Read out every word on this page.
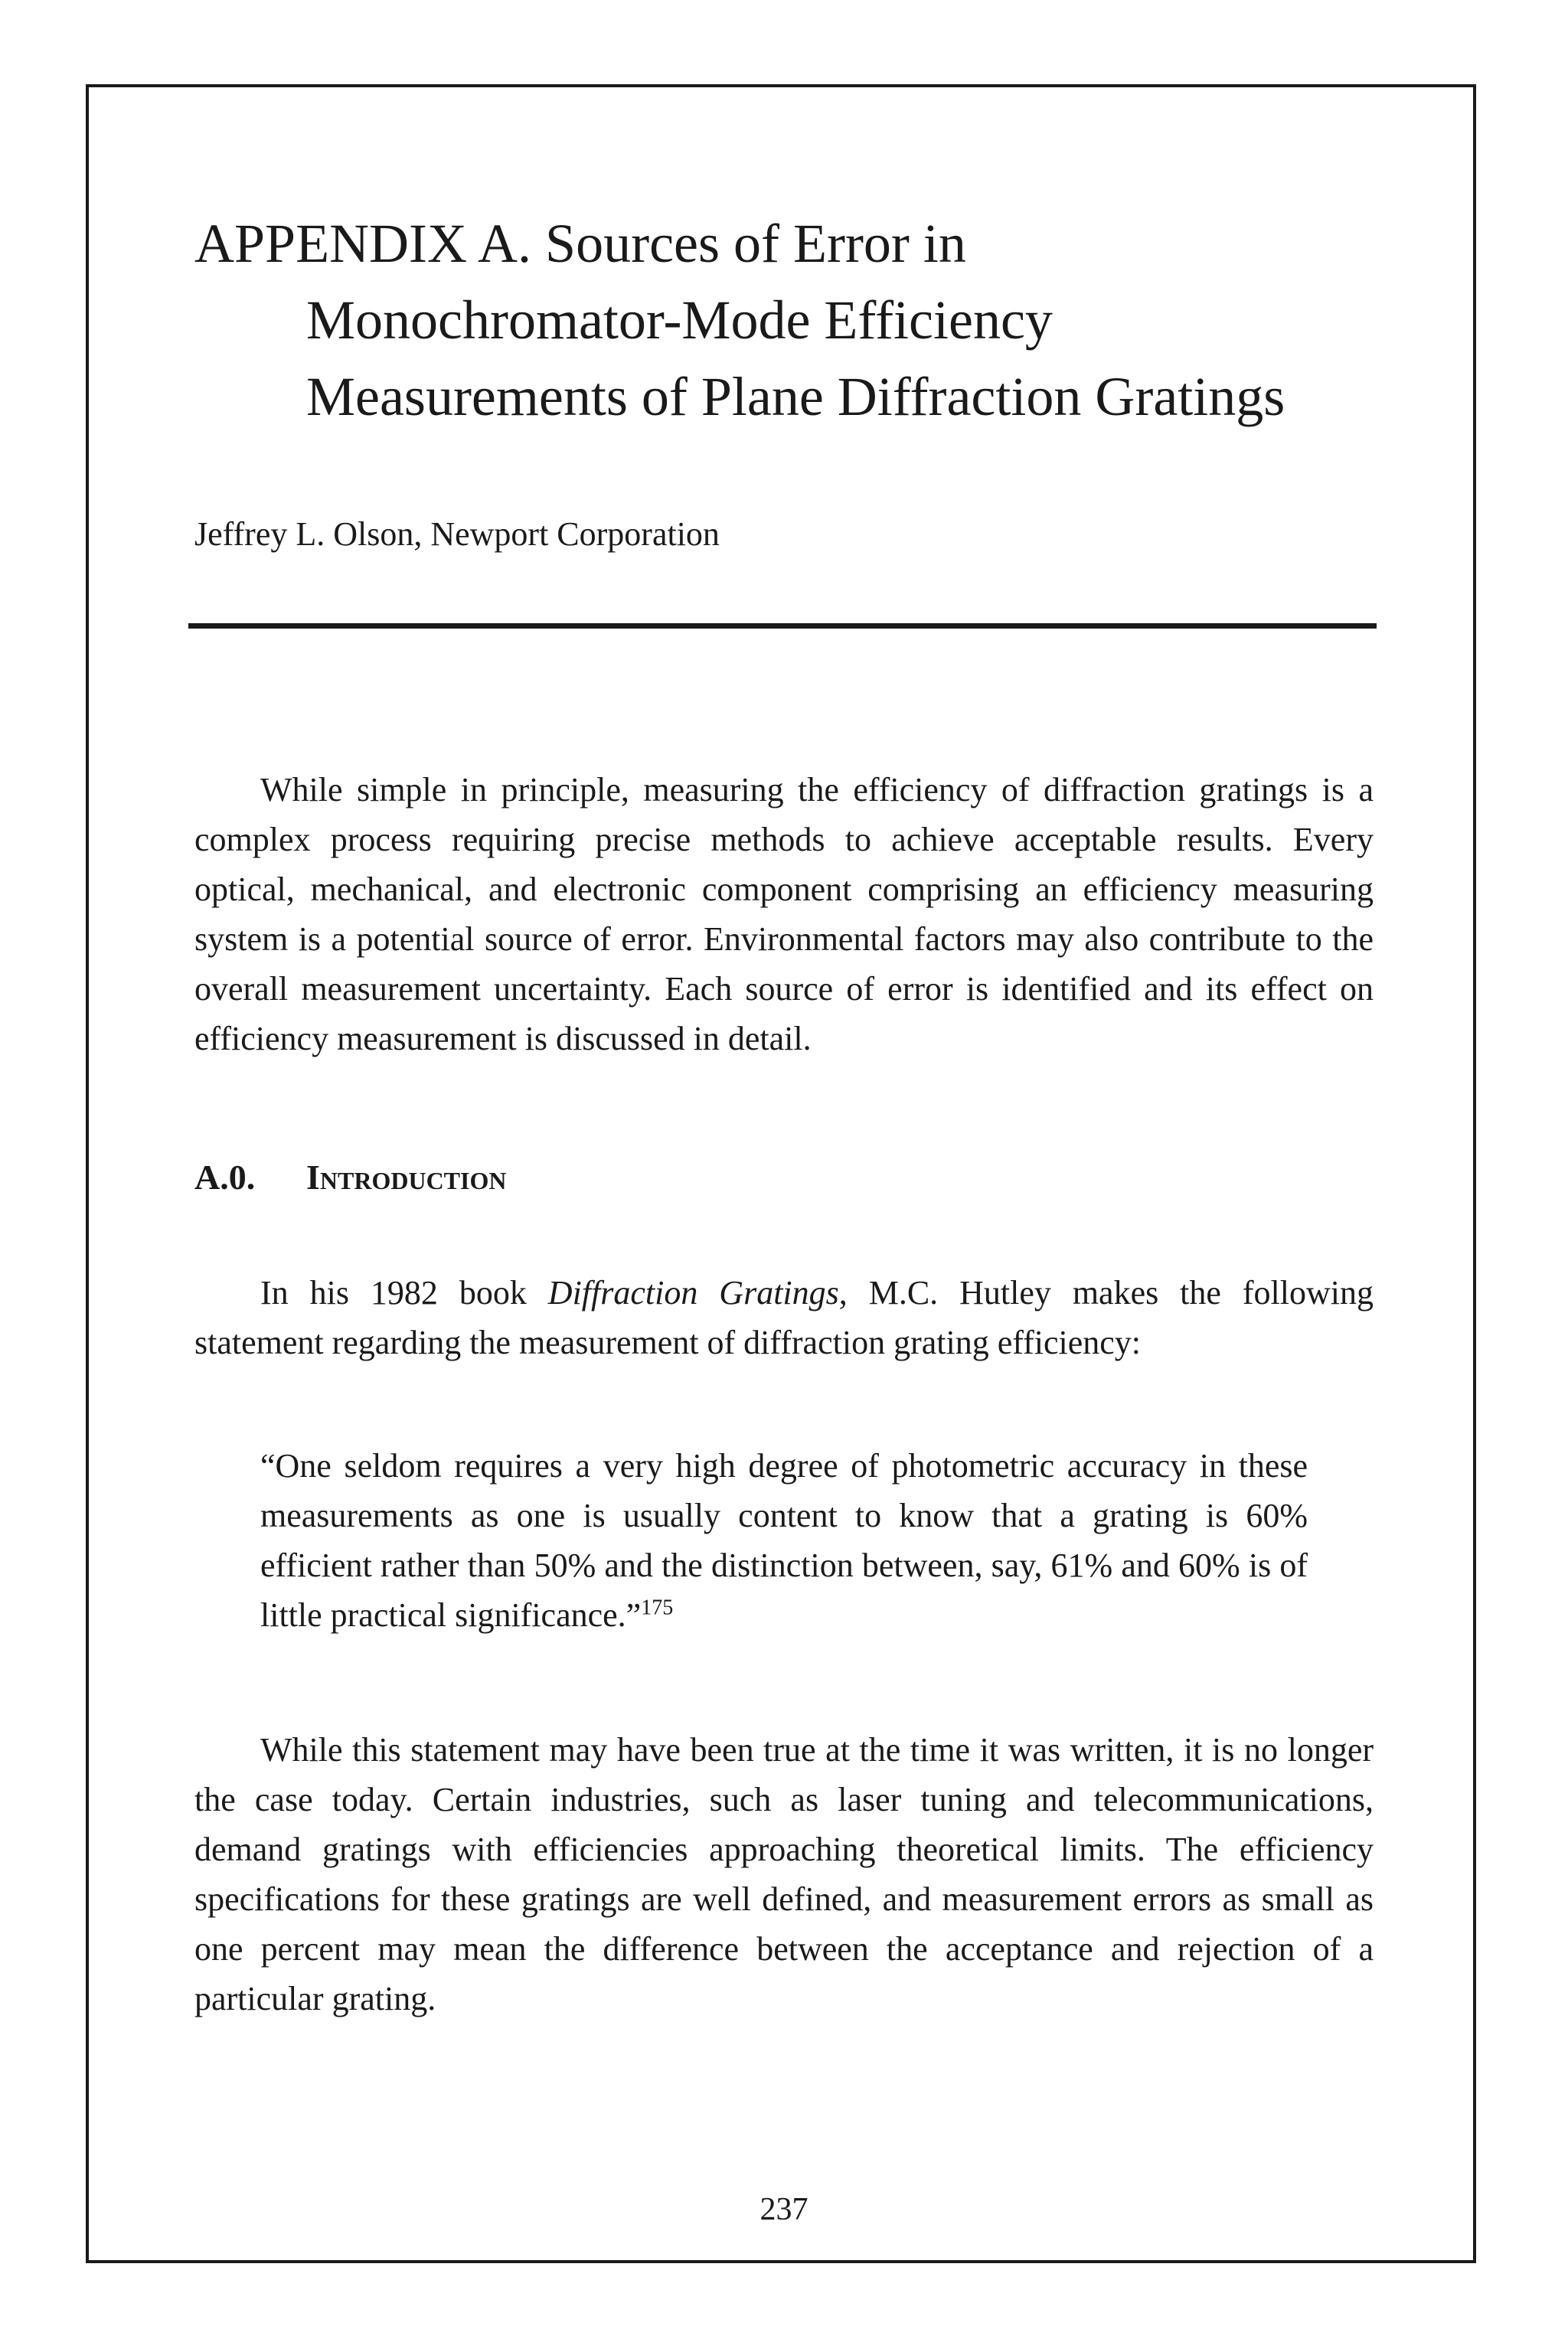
APPENDIX A. Sources of Error in
Monochromator-Mode Efficiency
Measurements of Plane Diffraction Gratings
Jeffrey L. Olson, Newport Corporation

While simple in principle, measuring the efficiency of diffraction gratings is a complex process requiring precise methods to achieve acceptable results. Every optical, mechanical, and electronic component comprising an efficiency measuring system is a potential source of error. Environmental factors may also contribute to the overall measurement uncertainty. Each source of error is identified and its effect on efficiency measurement is discussed in detail.

A.0. Introduction

In his 1982 book Diffraction Gratings, M.C. Hutley makes the following statement regarding the measurement of diffraction grating efficiency:

“One seldom requires a very high degree of photometric accuracy in these measurements as one is usually content to know that a grating is 60% efficient rather than 50% and the distinction between, say, 61% and 60% is of little practical significance.”$^{175}$

While this statement may have been true at the time it was written, it is no longer the case today. Certain industries, such as laser tuning and telecommunications, demand gratings with efficiencies approaching theoretical limits. The efficiency specifications for these gratings are well defined, and measurement errors as small as one percent may mean the difference between the acceptance and rejection of a particular grating.

237
